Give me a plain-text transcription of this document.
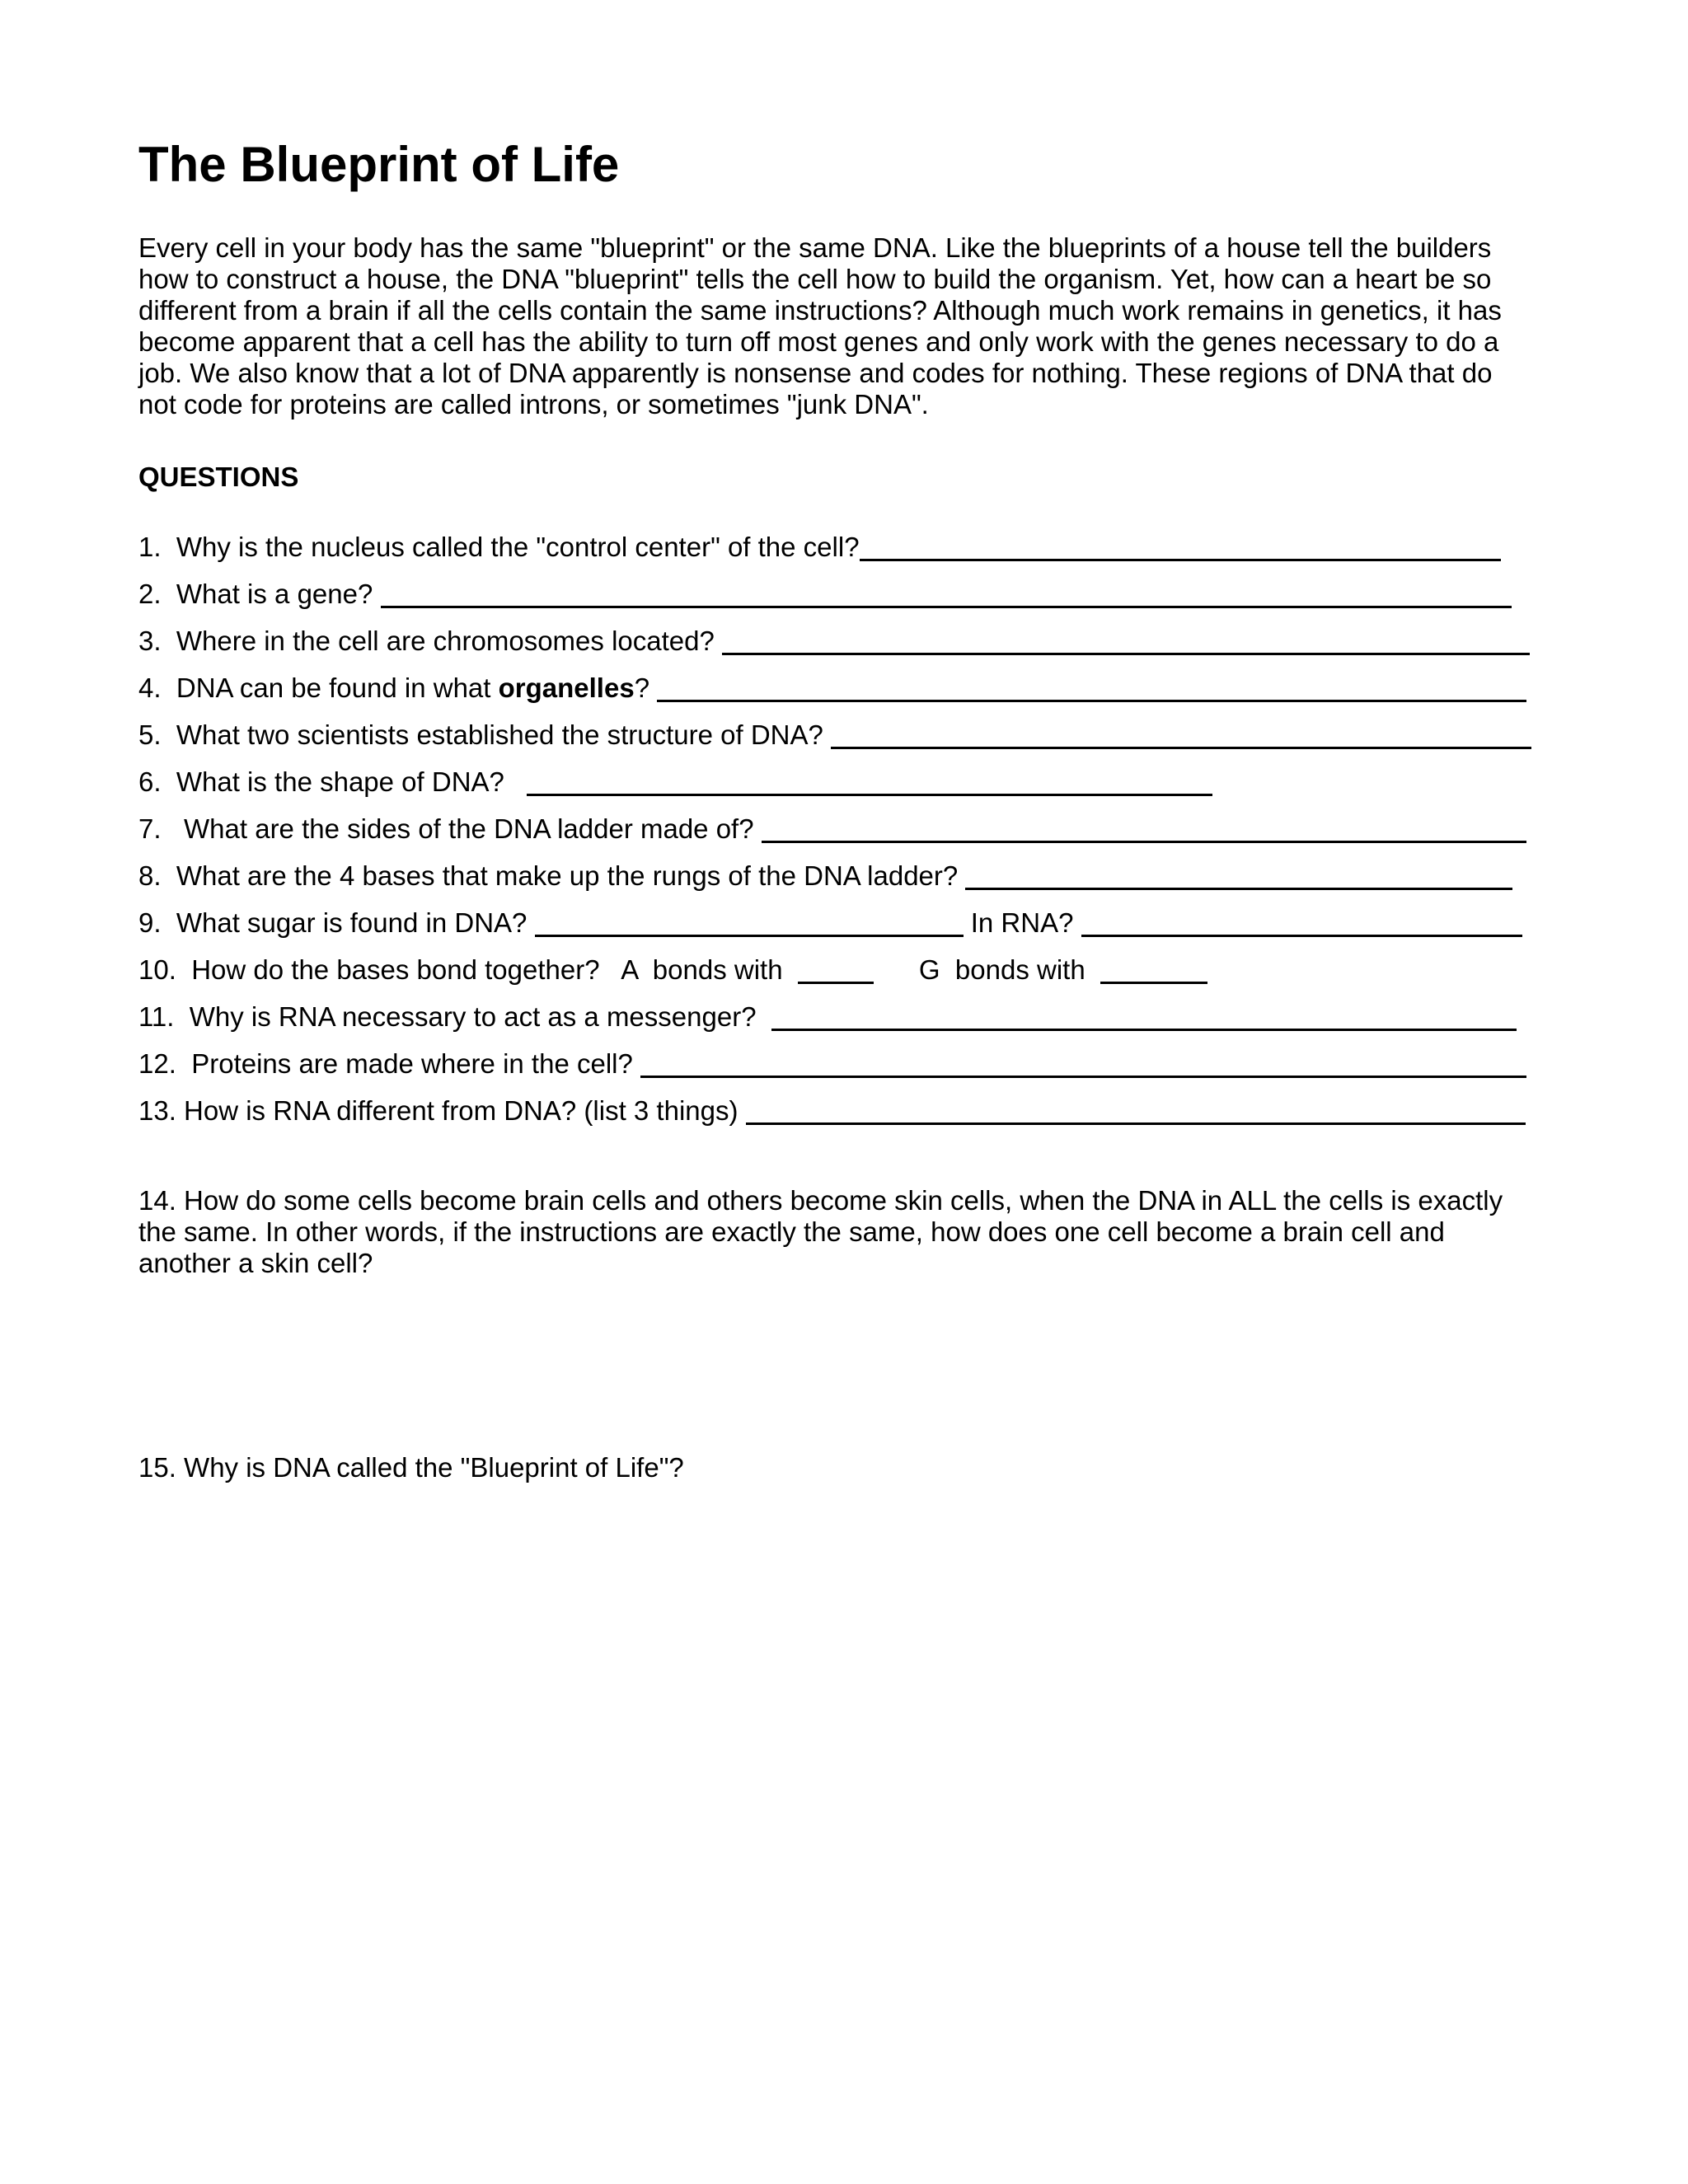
The Blueprint of Life
Every cell in your body has the same "blueprint" or the same DNA. Like the blueprints of a house tell the builders
how to construct a house, the DNA "blueprint" tells the cell how to build the organism. Yet, how can a heart be so
different from a brain if all the cells contain the same instructions? Although much work remains in genetics, it has
become apparent that a cell has the ability to turn off most genes and only work with the genes necessary to do a
job. We also know that a lot of DNA apparently is nonsense and codes for nothing. These regions of DNA that do
not code for proteins are called introns, or sometimes "junk DNA".
QUESTIONS
1.  Why is the nucleus called the "control center" of the cell?
2.  What is a gene?
3.  Where in the cell are chromosomes located?
4.  DNA can be found in what organelles ?
5.  What two scientists established the structure of DNA?
6.  What is the shape of DNA?
7.   What are the sides of the DNA ladder made of?
8.  What are the 4 bases that make up the rungs of the DNA ladder?
9.  What sugar is found in DNA?	In RNA?
10.  How do the bases bond together?   A  bonds with	G  bonds with
11.  Why is RNA necessary to act as a messenger?
12.  Proteins are made where in the cell?
13. How is RNA different from DNA? (list 3 things)
14. How do some cells become brain cells and others become skin cells, when the DNA in ALL the cells is exactly
the same. In other words, if the instructions are exactly the same, how does one cell become a brain cell and
another a skin cell?
15. Why is DNA called the "Blueprint of Life"?
